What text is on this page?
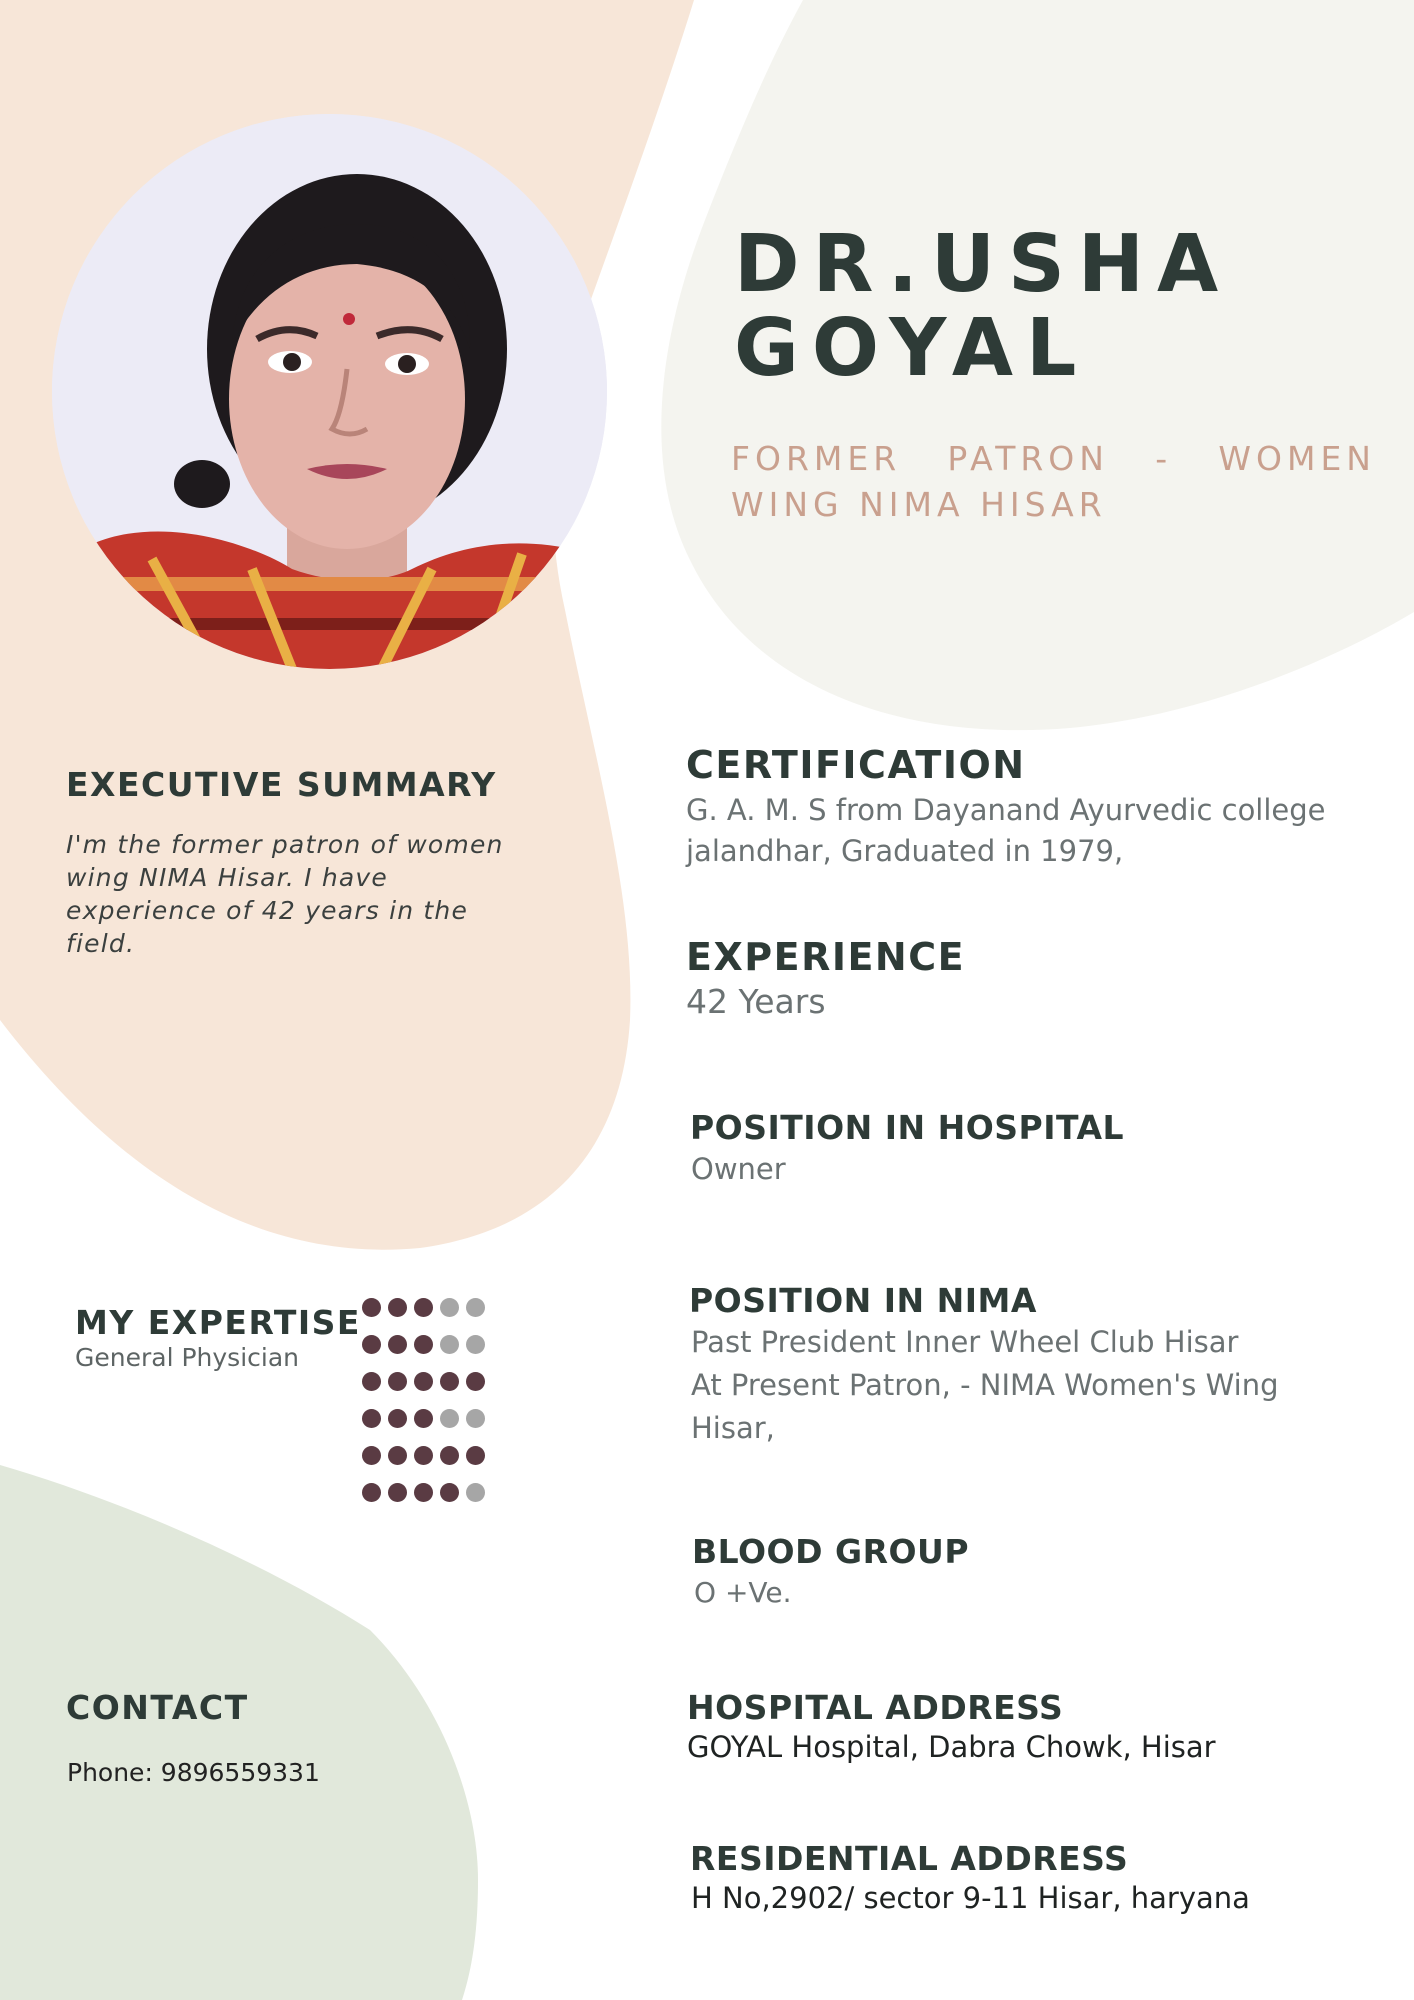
DR.USHA
GOYAL
FORMER PATRON - WOMEN WING NIMA HISAR
EXECUTIVE SUMMARY
I'm the former patron of women wing NIMA Hisar. I have experience of 42 years in the field.
MY EXPERTISE
General Physician
CONTACT
Phone: 9896559331
CERTIFICATION
G. A. M. S from Dayanand Ayurvedic college
jalandhar, Graduated in 1979,
EXPERIENCE
42 Years
POSITION IN HOSPITAL
Owner
POSITION IN NIMA
Past President Inner Wheel Club Hisar
At Present Patron, - NIMA Women's Wing
Hisar,
BLOOD GROUP
O +Ve.
HOSPITAL ADDRESS
GOYAL Hospital, Dabra Chowk, Hisar
RESIDENTIAL ADDRESS
H No,2902/ sector 9-11 Hisar, haryana
